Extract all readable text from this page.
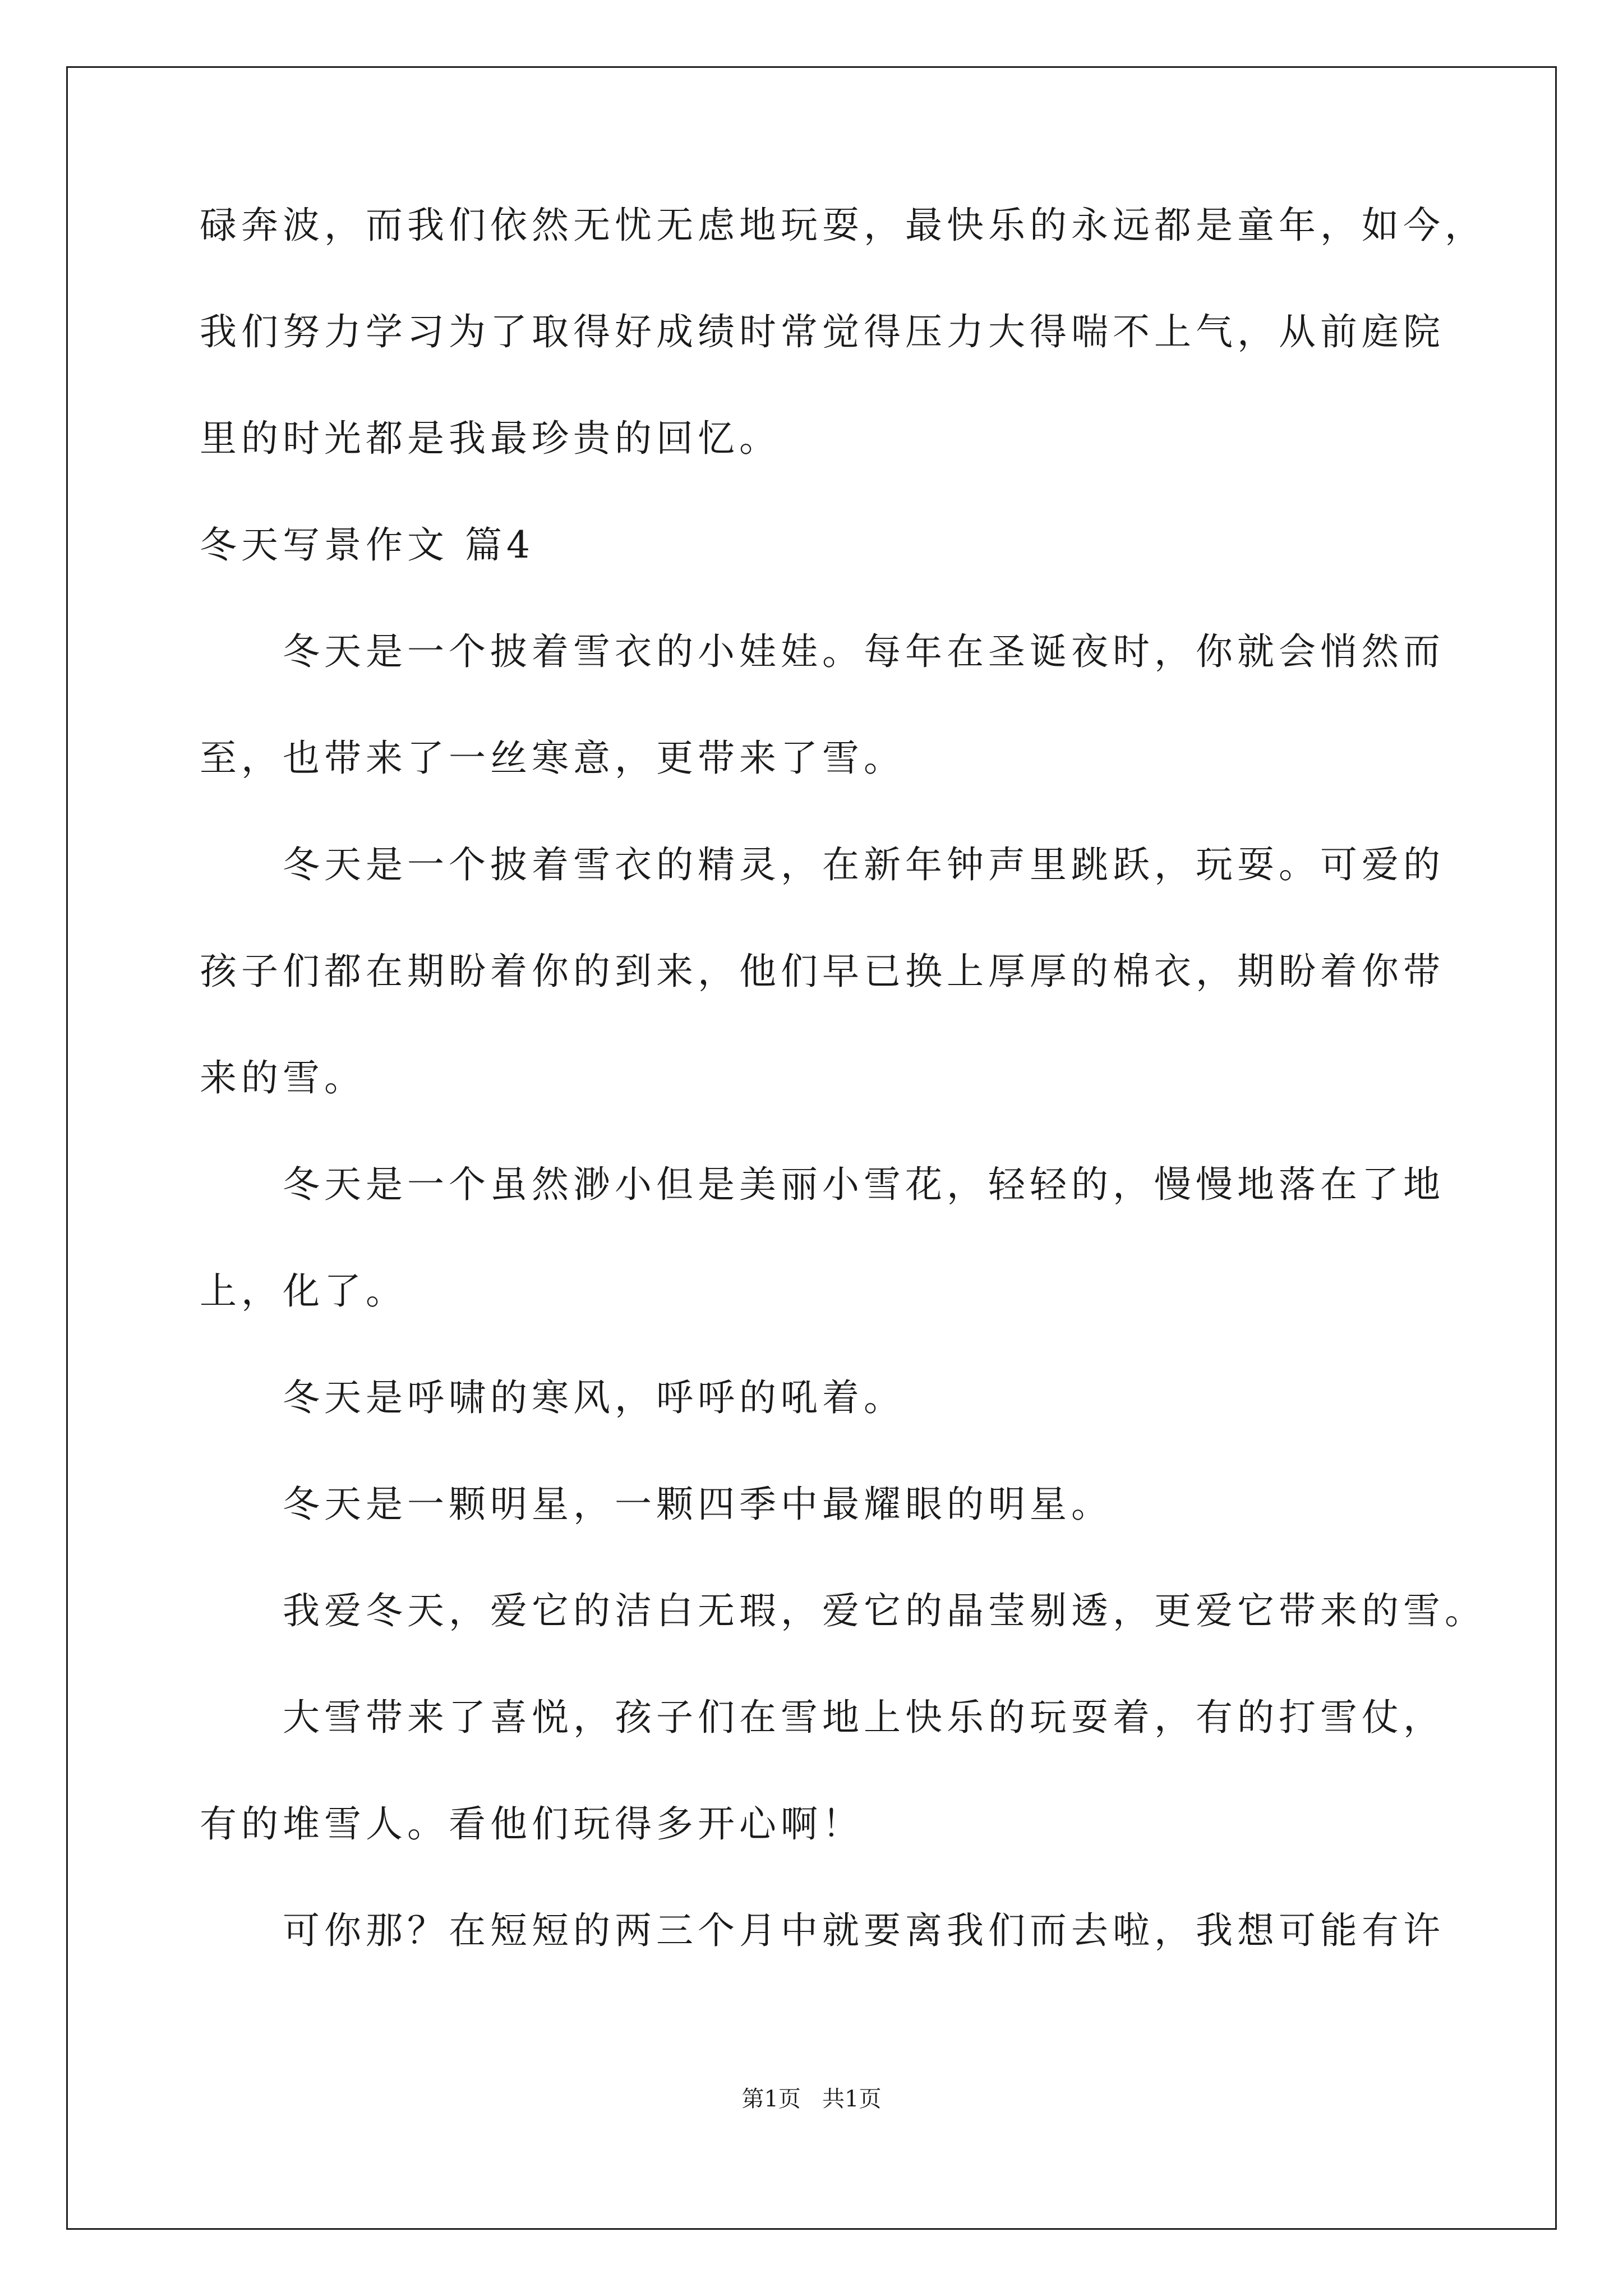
碌奔波，而我们依然无忧无虑地玩耍，最快乐的永远都是童年，如今，
我们努力学习为了取得好成绩时常觉得压力大得喘不上气，从前庭院
里的时光都是我最珍贵的回忆。
冬天写景作文 篇4
冬天是一个披着雪衣的小娃娃。每年在圣诞夜时，你就会悄然而
至，也带来了一丝寒意，更带来了雪。
冬天是一个披着雪衣的精灵，在新年钟声里跳跃，玩耍。可爱的
孩子们都在期盼着你的到来，他们早已换上厚厚的棉衣，期盼着你带
来的雪。
冬天是一个虽然渺小但是美丽小雪花，轻轻的，慢慢地落在了地
上，化了。
冬天是呼啸的寒风，呼呼的吼着。
冬天是一颗明星，一颗四季中最耀眼的明星。
我爱冬天，爱它的洁白无瑕，爱它的晶莹剔透，更爱它带来的雪。
大雪带来了喜悦，孩子们在雪地上快乐的玩耍着，有的打雪仗，
有的堆雪人。看他们玩得多开心啊！
可你那？在短短的两三个月中就要离我们而去啦，我想可能有许
第1页   共1页
